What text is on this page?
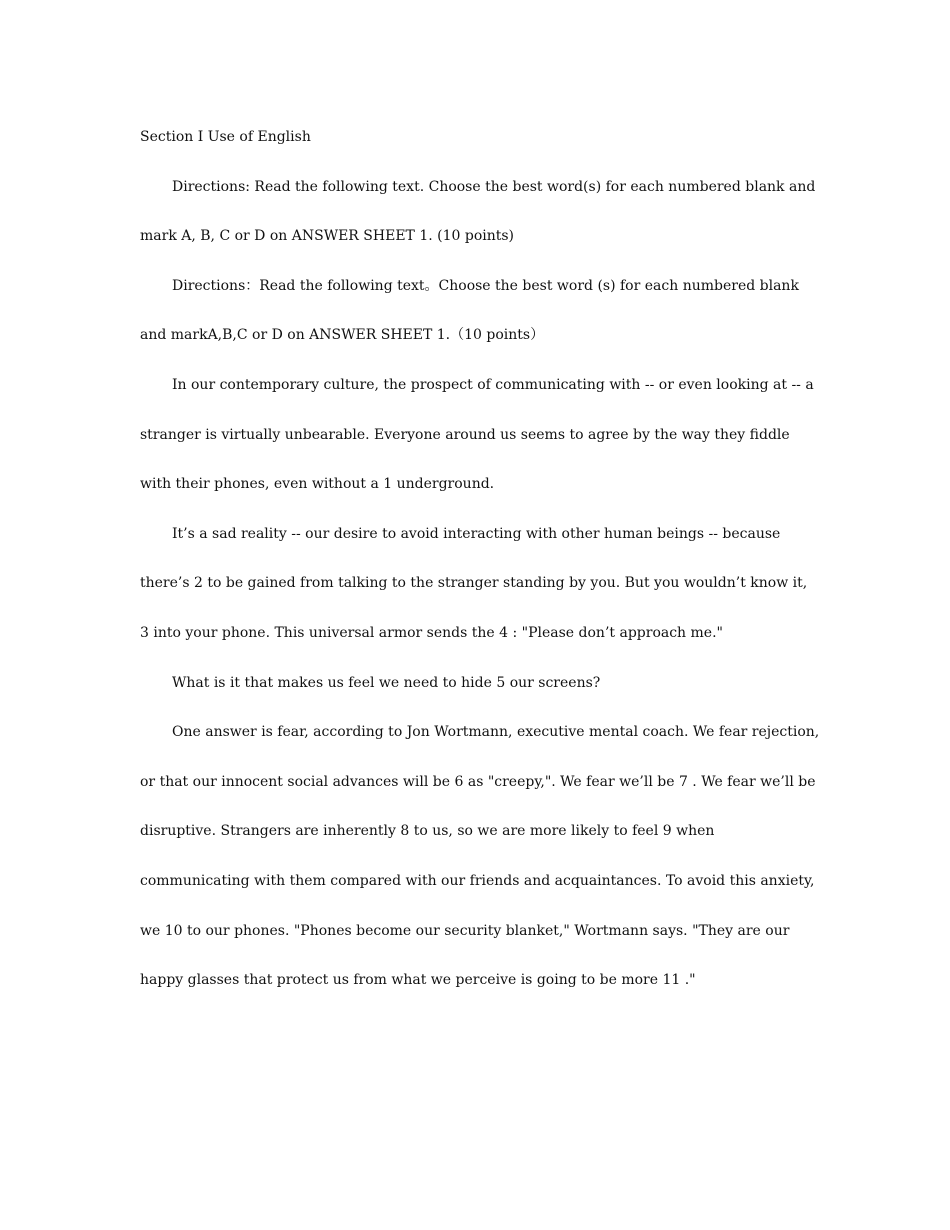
Section Ⅰ Use of English

Directions: Read the following text. Choose the best word(s) for each numbered blank and mark A, B, C or D on ANSWER SHEET 1. (10 points)

Directions：Read the following text。Choose the best word (s) for each numbered blank and markA,B,C or D on ANSWER SHEET 1.（10 points）

In our contemporary culture, the prospect of communicating with -- or even looking at -- a stranger is virtually unbearable. Everyone around us seems to agree by the way they fiddle with their phones, even without a 1 underground.

It’s a sad reality -- our desire to avoid interacting with other human beings -- because there’s 2 to be gained from talking to the stranger standing by you. But you wouldn’t know it, 3 into your phone. This universal armor sends the 4 : "Please don’t approach me."

What is it that makes us feel we need to hide 5 our screens?

One answer is fear, according to Jon Wortmann, executive mental coach. We fear rejection, or that our innocent social advances will be 6 as "creepy,". We fear we’ll be 7 . We fear we’ll be disruptive. Strangers are inherently 8 to us, so we are more likely to feel 9 when communicating with them compared with our friends and acquaintances. To avoid this anxiety, we 10 to our phones. "Phones become our security blanket," Wortmann says. "They are our happy glasses that protect us from what we perceive is going to be more 11 ."
